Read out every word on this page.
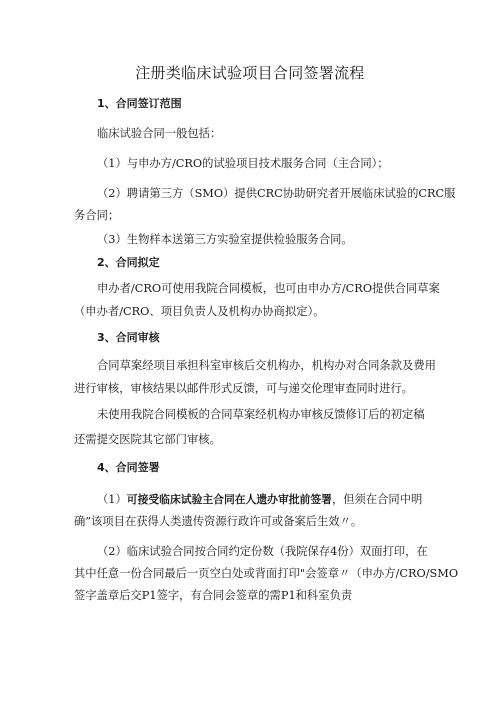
注册类临床试验项目合同签署流程
1、合同签订范围
临床试验合同一般包括：
（1）与申办方/CRO的试验项目技术服务合同（主合同）；
（2）聘请第三方（SMO）提供CRC协助研究者开展临床试验的CRC服
务合同；
（3）生物样本送第三方实验室提供检验服务合同。
2、合同拟定
申办者/CRO可使用我院合同模板，也可由申办方/CRO提供合同草案
（申办者/CRO、项目负责人及机构办协商拟定）。
3、合同审核
合同草案经项目承担科室审核后交机构办，机构办对合同条款及费用
进行审核，审核结果以邮件形式反馈，可与递交伦理审查同时进行。
未使用我院合同模板的合同草案经机构办审核反馈修订后的初定稿
还需提交医院其它部门审核。
4、合同签署
（1）可接受临床试验主合同在人遗办审批前签署，但须在合同中明
确”该项目在获得人类遗传资源行政许可或备案后生效〃。
（2）临床试验合同按合同约定份数（我院保存4份）双面打印，在
其中任意一份合同最后一页空白处或背面打印"会签章〃（申办方/CRO/SMO
签字盖章后交P1签字，有合同会签章的需P1和科室负责
